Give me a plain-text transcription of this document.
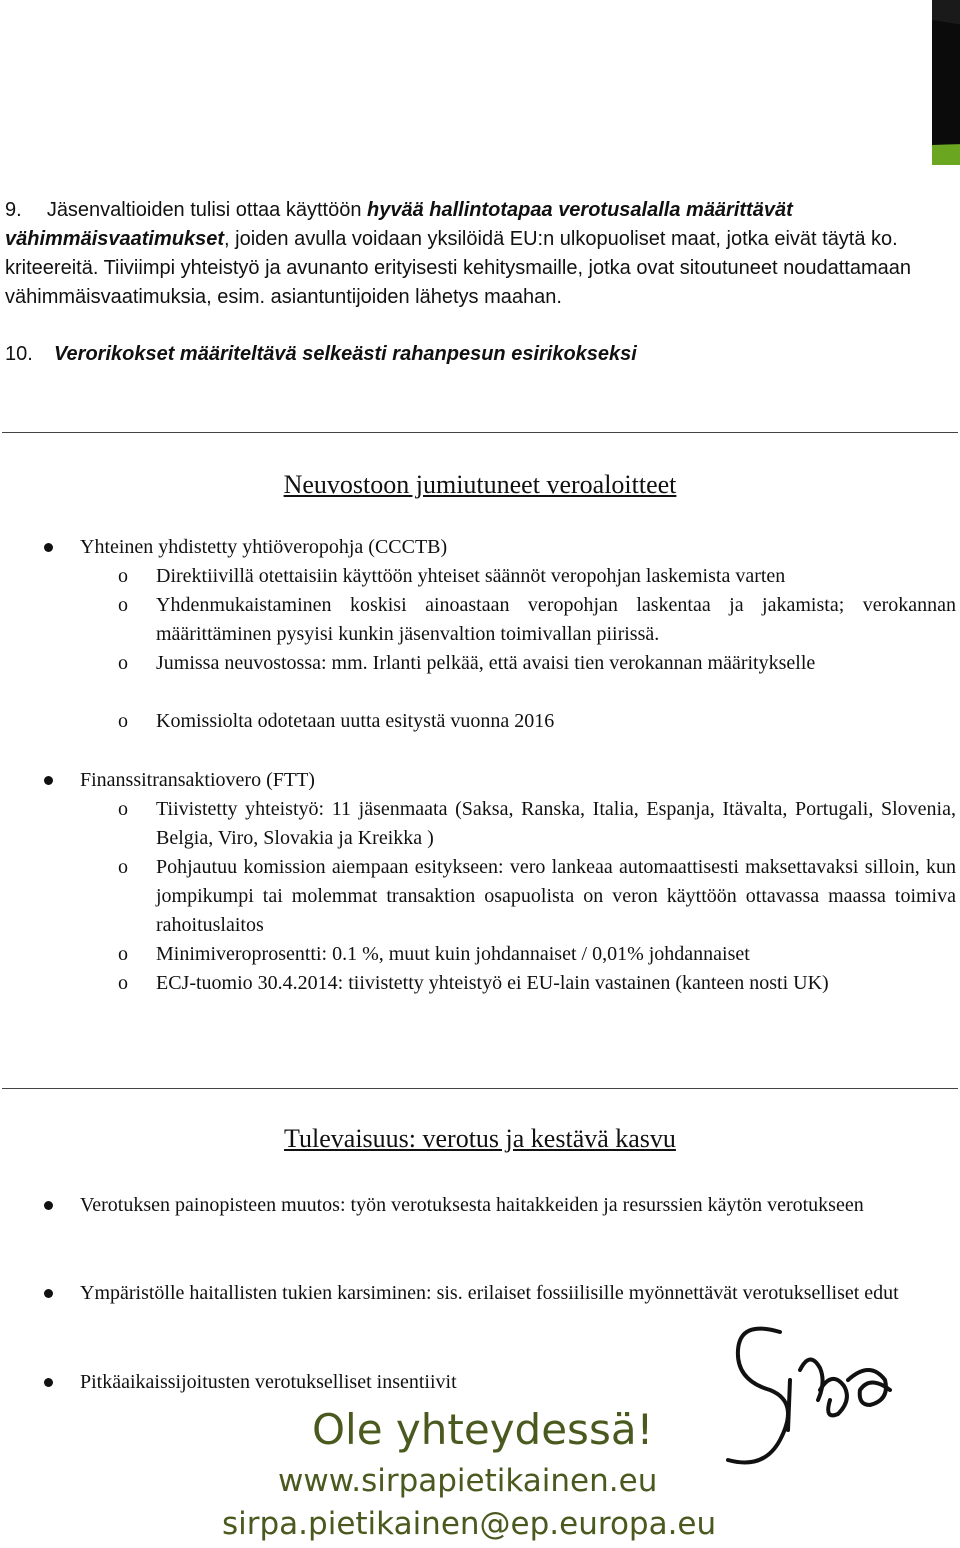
9. Jäsenvaltioiden tulisi ottaa käyttöön hyvää hallintotapaa verotusalalla määrittävät vähimmäisvaatimukset, joiden avulla voidaan yksilöidä EU:n ulkopuoliset maat, jotka eivät täytä ko. kriteereitä. Tiiviimpi yhteistyö ja avunanto erityisesti kehitysmaille, jotka ovat sitoutuneet noudattamaan vähimmäisvaatimuksia, esim. asiantuntijoiden lähetys maahan.
10. Verorikokset määriteltävä selkeästi rahanpesun esirikokseksi
Neuvostoon jumiutuneet veroaloitteet
Yhteinen yhdistetty yhtiöveropohja (CCCTB)
o Direktiivillä otettaisiin käyttöön yhteiset säännöt veropohjan laskemista varten
o Yhdenmukaistaminen koskisi ainoastaan veropohjan laskentaa ja jakamista; verokannan määrittäminen pysyisi kunkin jäsenvaltion toimivallan piirissä.
o Jumissa neuvostossa: mm. Irlanti pelkää, että avaisi tien verokannan määritykselle
o Komissiolta odotetaan uutta esitystä vuonna 2016
Finanssitransaktiovero (FTT)
o Tiivistetty yhteistyö: 11 jäsenmaata (Saksa, Ranska, Italia, Espanja, Itävalta, Portugali, Slovenia, Belgia, Viro, Slovakia ja Kreikka )
o Pohjautuu komission aiempaan esitykseen: vero lankeaa automaattisesti maksettavaksi silloin, kun jompikumpi tai molemmat transaktion osapuolista on veron käyttöön ottavassa maassa toimiva rahoituslaitos
o Minimiveroprosentti: 0.1 %, muut kuin johdannaiset / 0,01% johdannaiset
o ECJ-tuomio 30.4.2014: tiivistetty yhteistyö ei EU-lain vastainen (kanteen nosti UK)
Tulevaisuus: verotus ja kestävä kasvu
Verotuksen painopisteen muutos: työn verotuksesta haitakkeiden ja resurssien käytön verotukseen
Ympäristölle haitallisten tukien karsiminen: sis. erilaiset fossiilisille myönnettävät verotukselliset edut
Pitkäaikaissijoitusten verotukselliset insentiivit
Ole yhteydessä!
www.sirpapietikainen.eu
sirpa.pietikainen@ep.europa.eu
